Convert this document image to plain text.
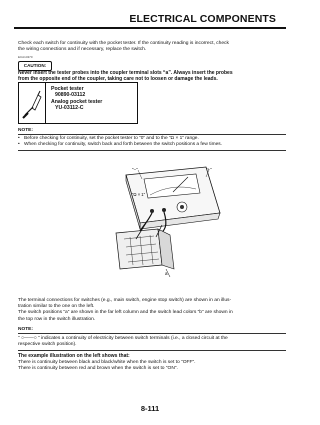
ELECTRICAL COMPONENTS
Check each switch for continuity with the pocket tester. If the continuity reading is incorrect, check
the wiring connections and if necessary, replace the switch.
ECA14370
CAUTION:
Never insert the tester probes into the coupler terminal slots “a”. Always insert the probes
from the opposite end of the coupler, taking care not to loosen or damage the leads.
Pocket tester
90890-03112
Analog pocket tester
YU-03112-C
NOTE:
• Before checking for continuity, set the pocket tester to “0” and to the “Ω × 1” range.
• When checking for continuity, switch back and forth between the switch positions a few times.
“−”	“+”
“Ω × 1”
a
The terminal connections for switches (e.g., main switch, engine stop switch) are shown in an illus-
tration similar to the one on the left.
The switch positions “a” are shown in the far left column and the switch lead colors “b” are shown in
the top row in the switch illustration.
NOTE:
“ ○——○ ” indicates a continuity of electricity between switch terminals (i.e., a closed circuit at the
respective switch position).
The example illustration on the left shows that:
There is continuity between black and black/white when the switch is set to “OFF”.
There is continuity between red and brown when the switch is set to “ON”.
8-111
